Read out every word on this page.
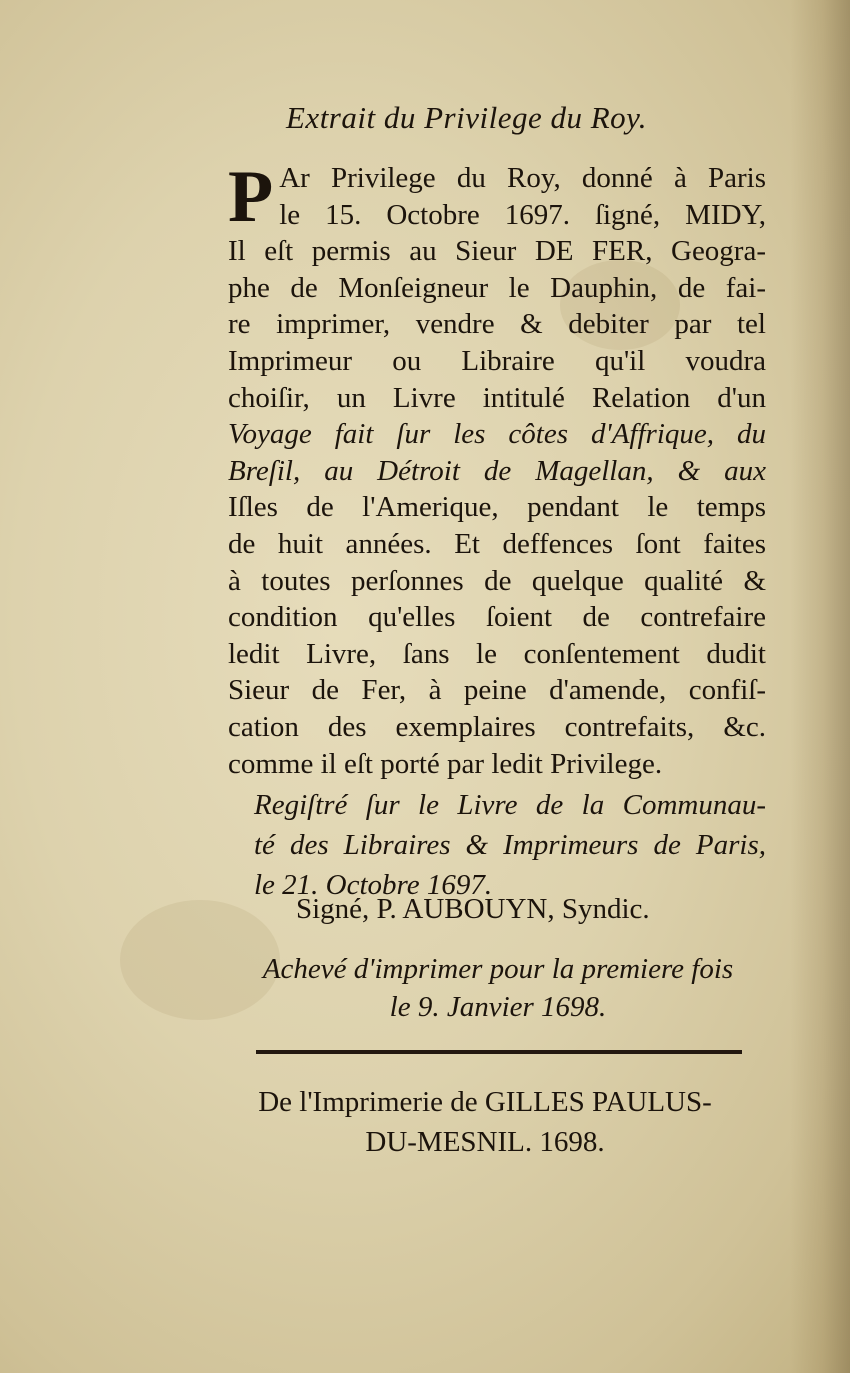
Extrait du Privilege du Roy.
P Ar Privilege du Roy, donné à Paris
le 15. Octobre 1697. ſigné, MIDY,
Il eſt permis au Sieur DE FER, Geogra-
phe de Monſeigneur le Dauphin, de fai-
re imprimer, vendre & debiter par tel
Imprimeur ou Libraire qu'il voudra
choiſir, un Livre intitulé Relation d'un
Voyage fait ſur les côtes d'Affrique, du
Breſil, au Détroit de Magellan, & aux
Iſles de l'Amerique, pendant le temps
de huit années. Et deffences ſont faites
à toutes perſonnes de quelque qualité &
condition qu'elles ſoient de contrefaire
ledit Livre, ſans le conſentement dudit
Sieur de Fer, à peine d'amende, confiſ-
cation des exemplaires contrefaits, &c.
comme il eſt porté par ledit Privilege.
Regiſtré ſur le Livre de la Communau-
té des Libraires & Imprimeurs de Paris,
le 21. Octobre 1697.
Signé, P. AUBOUYN, Syndic.
Achevé d'imprimer pour la premiere fois
le 9. Janvier 1698.
De l'Imprimerie de GILLES PAULUS-
DU-MESNIL. 1698.
